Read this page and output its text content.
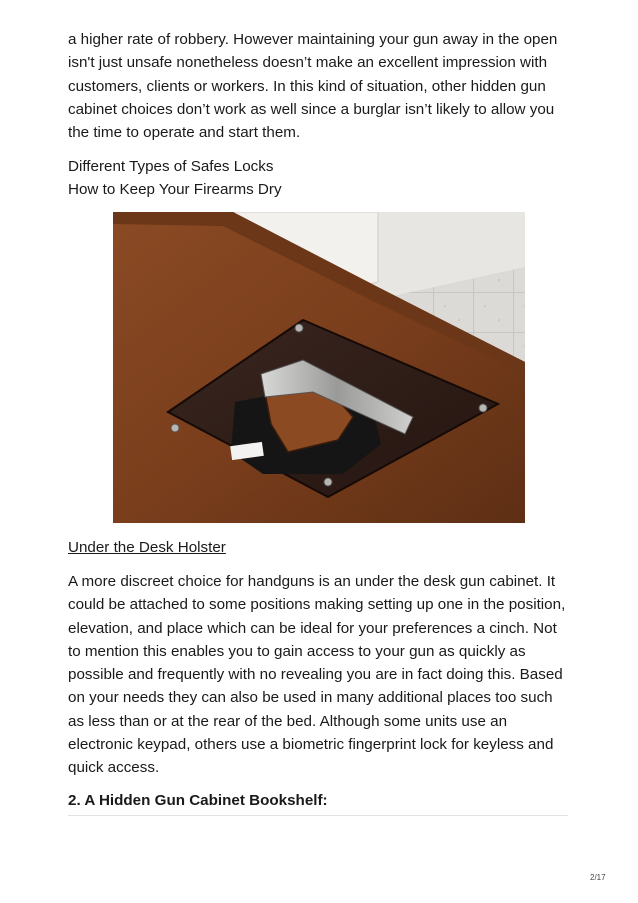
a higher rate of robbery. However maintaining your gun away in the open isn't just unsafe nonetheless doesn’t make an excellent impression with customers, clients or workers. In this kind of situation, other hidden gun cabinet choices don’t work as well since a burglar isn’t likely to allow you the time to operate and start them.

Different Types of Safes Locks
How to Keep Your Firearms Dry
Under the Desk Holster

A more discreet choice for handguns is an under the desk gun cabinet. It could be attached to some positions making setting up one in the position, elevation, and place which can be ideal for your preferences a cinch. Not to mention this enables you to gain access to your gun as quickly as possible and frequently with no revealing you are in fact doing this. Based on your needs they can also be used in many additional places too such as less than or at the rear of the bed. Although some units use an electronic keypad, others use a biometric fingerprint lock for keyless and quick access.

2. A Hidden Gun Cabinet Bookshelf:
2/17
